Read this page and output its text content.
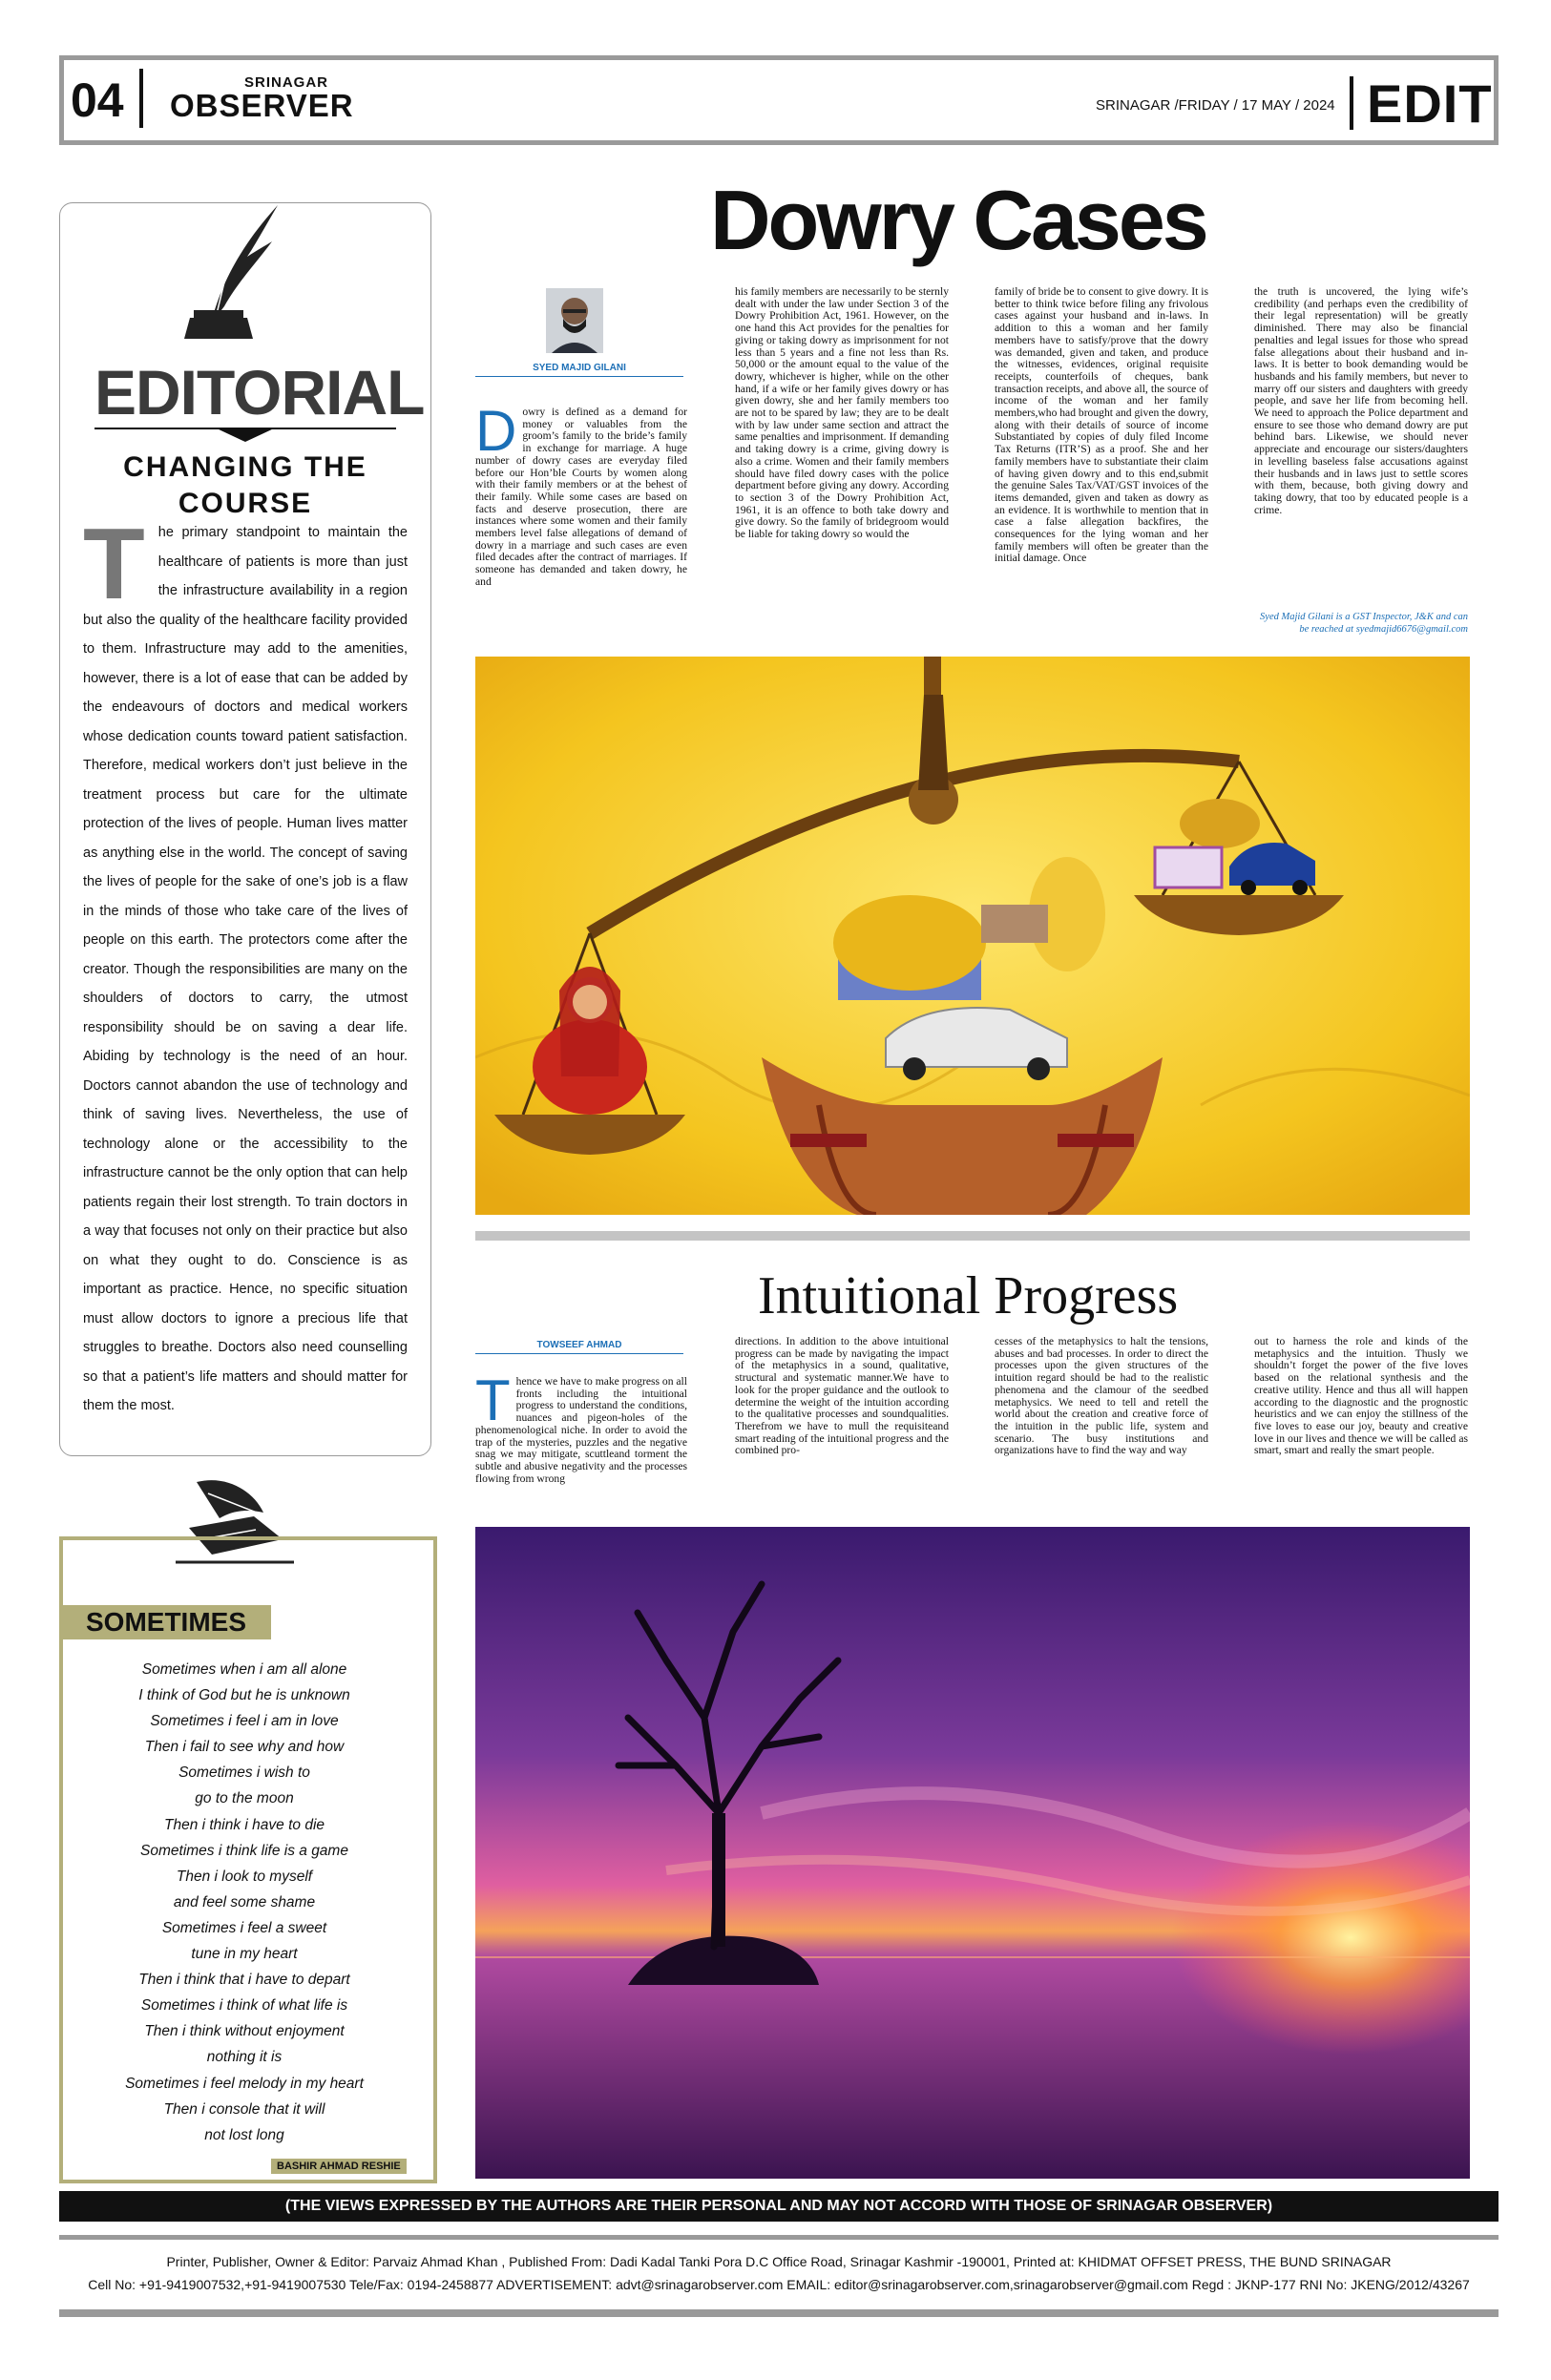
04	SRINAGAR
OBSERVER	SRINAGAR /FRIDAY / 17 MAY / 2024 EDIT
EDITORIAL
CHANGING THE COURSE
The primary standpoint to maintain the healthcare of patients is more than just the infrastructure availability in a region but also the quality of the healthcare facility provided to them. Infrastructure may add to the amenities, however, there is a lot of ease that can be added by the endeavours of doctors and medical workers whose dedication counts toward patient satisfaction. Therefore, medical workers don’t just believe in the treatment process but care for the ultimate protection of the lives of people. Human lives matter as anything else in the world. The concept of saving the lives of people for the sake of one’s job is a flaw in the minds of those who take care of the lives of people on this earth. The protectors come after the creator. Though the responsibilities are many on the shoulders of doctors to carry, the utmost responsibility should be on saving a dear life. Abiding by technology is the need of an hour. Doctors cannot abandon the use of technology and think of saving lives. Nevertheless, the use of technology alone or the accessibility to the infrastructure cannot be the only option that can help patients regain their lost strength. To train doctors in a way that focuses not only on their practice but also on what they ought to do. Conscience is as important as practice. Hence, no specific situation must allow doctors to ignore a precious life that struggles to breathe. Doctors also need counselling so that a patient’s life matters and should matter for them the most.
SOMETIMES
Sometimes when i am all alone
I think of God but he is unknown
Sometimes i feel i am in love
Then i fail to see why and how
Sometimes i wish to
go to the moon
Then i think i have to die
Sometimes i think life is a game
Then i look to myself
and feel some shame
Sometimes i feel a sweet
tune in my heart
Then i think that i have to depart
Sometimes i think of what life is
Then i think without enjoyment
nothing it is
Sometimes i feel melody in my heart
Then i console that it will
not lost long
BASHIR AHMAD RESHIE
Dowry Cases
SYED MAJID GILANI
Dowry is defined as a demand for money or valuables from the groom’s family to the bride’s family in exchange for marriage. A huge number of dowry cases are everyday filed before our Hon’ble Courts by women along with their family members or at the behest of their family. While some cases are based on facts and deserve prosecution, there are instances where some women and their family members level false allegations of demand of dowry in a marriage and such cases are even filed decades after the contract of marriages. If someone has demanded and taken dowry, he and
his family members are necessarily to be sternly dealt with under the law under Section 3 of the Dowry Prohibition Act, 1961. However, on the one hand this Act provides for the penalties for giving or taking dowry as imprisonment for not less than 5 years and a fine not less than Rs. 50,000 or the amount equal to the value of the dowry, whichever is higher, while on the other hand, if a wife or her family gives dowry or has given dowry, she and her family members too are not to be spared by law; they are to be dealt with by law under same section and attract the same penalties and imprisonment. If demanding and taking dowry is a crime, giving dowry is also a crime. Women and their family members should have filed dowry cases with the police department before giving any dowry. According to section 3 of the Dowry Prohibition Act, 1961, it is an offence to both take dowry and give dowry. So the family of bridegroom would be liable for taking dowry so would the
family of bride be to consent to give dowry. It is better to think twice before filing any frivolous cases against your husband and in-laws. In addition to this a woman and her family members have to satisfy/prove that the dowry was demanded, given and taken, and produce the witnesses, evidences, original requisite receipts, counterfoils of cheques, bank transaction receipts, and above all, the source of income of the woman and her family members,who had brought and given the dowry, along with their details of source of income Substantiated by copies of duly filed Income Tax Returns (ITR’S) as a proof. She and her family members have to substantiate their claim of having given dowry and to this end,submit the genuine Sales Tax/VAT/GST invoices of the items demanded, given and taken as dowry as an evidence. It is worthwhile to mention that in case a false allegation backfires, the consequences for the lying woman and her family members will often be greater than the initial damage. Once
the truth is uncovered, the lying wife’s credibility (and perhaps even the credibility of their legal representation) will be greatly diminished. There may also be financial penalties and legal issues for those who spread false allegations about their husband and in-laws. It is better to book demanding would be husbands and his family members, but never to marry off our sisters and daughters with greedy people, and save her life from becoming hell. We need to approach the Police department and ensure to see those who demand dowry are put behind bars. Likewise, we should never appreciate and encourage our sisters/daughters in levelling baseless false accusations against their husbands and in laws just to settle scores with them, because, both giving dowry and taking dowry, that too by educated people is a crime.
Syed Majid Gilani is a GST Inspector, J&K and can be reached at syedmajid6676@gmail.com
Intuitional Progress
TOWSEEF AHMAD
Thence we have to make progress on all fronts including the intuitional progress to understand the conditions, nuances and pigeon-holes of the phenomenological niche. In order to avoid the trap of the mysteries, puzzles and the negative snag we may mitigate, scuttleand torment the subtle and abusive negativity and the processes flowing from wrong
directions. In addition to the above intuitional progress can be made by navigating the impact of the metaphysics in a sound, qualitative, structural and systematic manner.We have to look for the proper guidance and the outlook to determine the weight of the intuition according to the qualitative processes and soundqualities. Therefrom we have to mull the requisiteand smart reading of the intuitional progress and the combined pro-
cesses of the metaphysics to halt the tensions, abuses and bad processes. In order to direct the processes upon the given structures of the intuition regard should be had to the realistic phenomena and the clamour of the seedbed metaphysics. We need to tell and retell the world about the creation and creative force of the intuition in the public life, system and scenario. The busy institutions and organizations have to find the way and way
out to harness the role and kinds of the metaphysics and the intuition. Thusly we shouldn’t forget the power of the five loves based on the relational synthesis and the creative utility. Hence and thus all will happen according to the diagnostic and the prognostic heuristics and we can enjoy the stillness of the five loves to ease our joy, beauty and creative love in our lives and thence we will be called as smart, smart and really the smart people.
(THE VIEWS EXPRESSED BY THE AUTHORS ARE THEIR PERSONAL AND MAY NOT ACCORD WITH THOSE OF SRINAGAR OBSERVER)
Printer, Publisher, Owner & Editor: Parvaiz Ahmad Khan , Published From: Dadi Kadal Tanki Pora D.C Office Road, Srinagar Kashmir -190001, Printed at: KHIDMAT OFFSET PRESS, THE BUND SRINAGAR
Cell No: +91-9419007532,+91-9419007530 Tele/Fax: 0194-2458877 ADVERTISEMENT: advt@srinagarobserver.com EMAIL: editor@srinagarobserver.com,srinagarobserver@gmail.com Regd : JKNP-177 RNI No: JKENG/2012/43267
